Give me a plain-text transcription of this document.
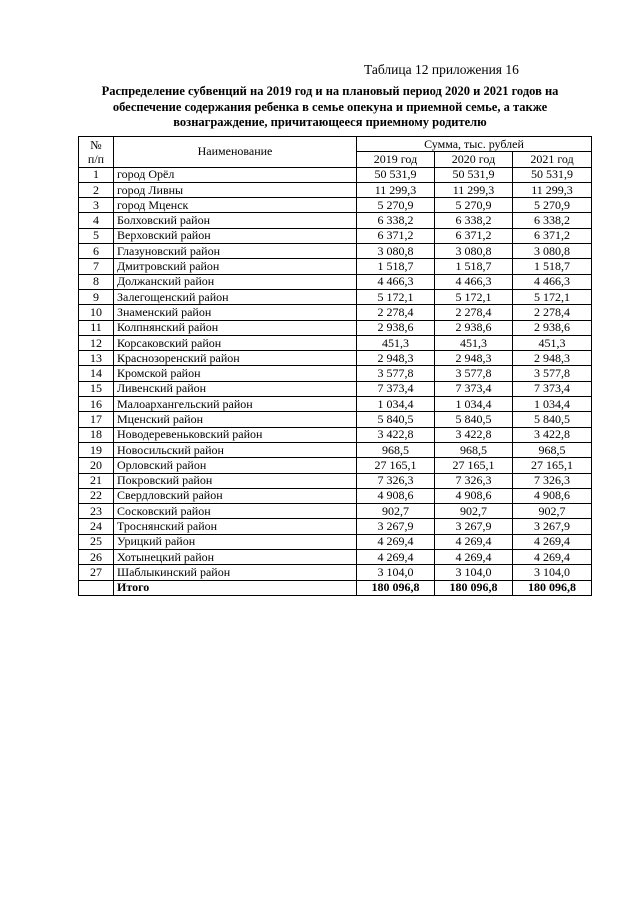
Таблица 12 приложения 16
Распределение субвенций на 2019 год и на плановый период 2020 и 2021 годов на обеспечение содержания ребенка в семье опекуна и приемной семье, а также вознаграждение, причитающееся приемному родителю
№
п/п	Наименование	Сумма, тыс. рублей		
		2019 год	2020 год	2021 год
1	город Орёл	50 531,9	50 531,9	50 531,9
2	город Ливны	11 299,3	11 299,3	11 299,3
3	город Мценск	5 270,9	5 270,9	5 270,9
4	Болховский район	6 338,2	6 338,2	6 338,2
5	Верховский район	6 371,2	6 371,2	6 371,2
6	Глазуновский район	3 080,8	3 080,8	3 080,8
7	Дмитровский район	1 518,7	1 518,7	1 518,7
8	Должанский район	4 466,3	4 466,3	4 466,3
9	Залегощенский район	5 172,1	5 172,1	5 172,1
10	Знаменский район	2 278,4	2 278,4	2 278,4
11	Колпнянский район	2 938,6	2 938,6	2 938,6
12	Корсаковский район	451,3	451,3	451,3
13	Краснозоренский район	2 948,3	2 948,3	2 948,3
14	Кромской район	3 577,8	3 577,8	3 577,8
15	Ливенский район	7 373,4	7 373,4	7 373,4
16	Малоархангельский район	1 034,4	1 034,4	1 034,4
17	Мценский район	5 840,5	5 840,5	5 840,5
18	Новодеревеньковский район	3 422,8	3 422,8	3 422,8
19	Новосильский район	968,5	968,5	968,5
20	Орловский район	27 165,1	27 165,1	27 165,1
21	Покровский район	7 326,3	7 326,3	7 326,3
22	Свердловский район	4 908,6	4 908,6	4 908,6
23	Сосковский район	902,7	902,7	902,7
24	Троснянский район	3 267,9	3 267,9	3 267,9
25	Урицкий район	4 269,4	4 269,4	4 269,4
26	Хотынецкий район	4 269,4	4 269,4	4 269,4
27	Шаблыкинский район	3 104,0	3 104,0	3 104,0
	Итого	180 096,8	180 096,8	180 096,8
